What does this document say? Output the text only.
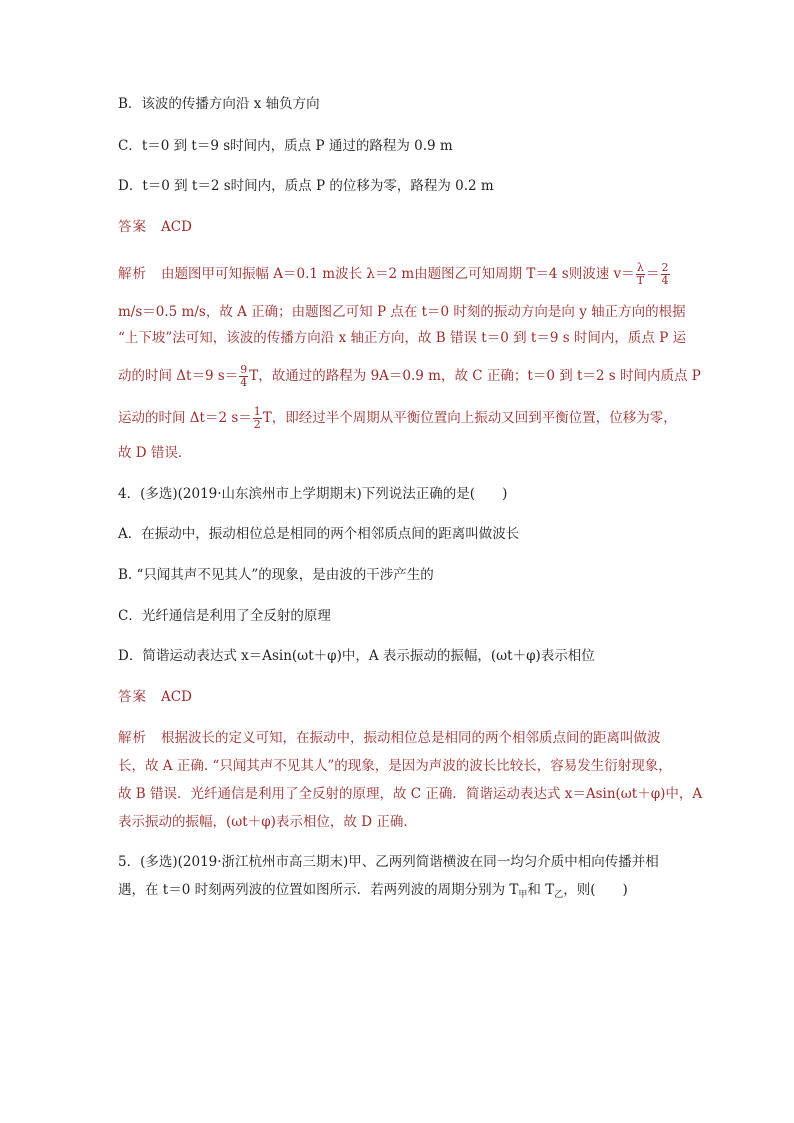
B．该波的传播方向沿 x 轴负方向
C．t＝0 到 t＝9 s时间内，质点 P 通过的路程为 0.9 m
D．t＝0 到 t＝2 s时间内，质点 P 的位移为零，路程为 0.2 m
答案 ACD
解析 由题图甲可知振幅 A＝0.1 m波长 λ＝2 m由题图乙可知周期 T＝4 s则波速 $v= \frac{\lambda}{T} = \frac{2}{4}$
m/s＝0.5 m/s，故 A 正确；由题图乙可知 P 点在 t＝0 时刻的振动方向是向 y 轴正方向的根据
“上下坡”法可知，该波的传播方向沿 x 轴正方向，故 B 错误 t＝0 到 t＝9 s 时间内，质点 P 运
动的时间 Δt＝9 $s= \frac{9}{4}$ T，故通过的路程为 9A＝0.9 m，故 C 正确；t＝0 到 t＝2 s 时间内质点 P
运动的时间 Δt＝2 $s= \frac{1}{2}$ T，即经过半个周期从平衡位置向上振动又回到平衡位置，位移为零，
故 D 错误．
4．(多选)(2019·山东滨州市上学期期末)下列说法正确的是(　　)
A．在振动中，振动相位总是相同的两个相邻质点间的距离叫做波长
B. “只闻其声不见其人”的现象，是由波的干涉产生的
C．光纤通信是利用了全反射的原理
D．简谐运动表达式 x＝Asin(ωt＋φ)中，A 表示振动的振幅，(ωt＋φ)表示相位
答案 ACD
解析 根据波长的定义可知，在振动中，振动相位总是相同的两个相邻质点间的距离叫做波
长，故 A 正确. “只闻其声不见其人”的现象，是因为声波的波长比较长，容易发生衍射现象，
故 B 错误．光纤通信是利用了全反射的原理，故 C 正确．简谐运动表达式 x＝Asin(ωt＋φ)中，A
表示振动的振幅，(ωt＋φ)表示相位，故 D 正确．
5．(多选)(2019·浙江杭州市高三期末)甲、乙两列简谐横波在同一均匀介质中相向传播并相
遇，在 t＝0 时刻两列波的位置如图所示．若两列波的周期分别为 $T_甲$和 $T_乙$，则(　　)
